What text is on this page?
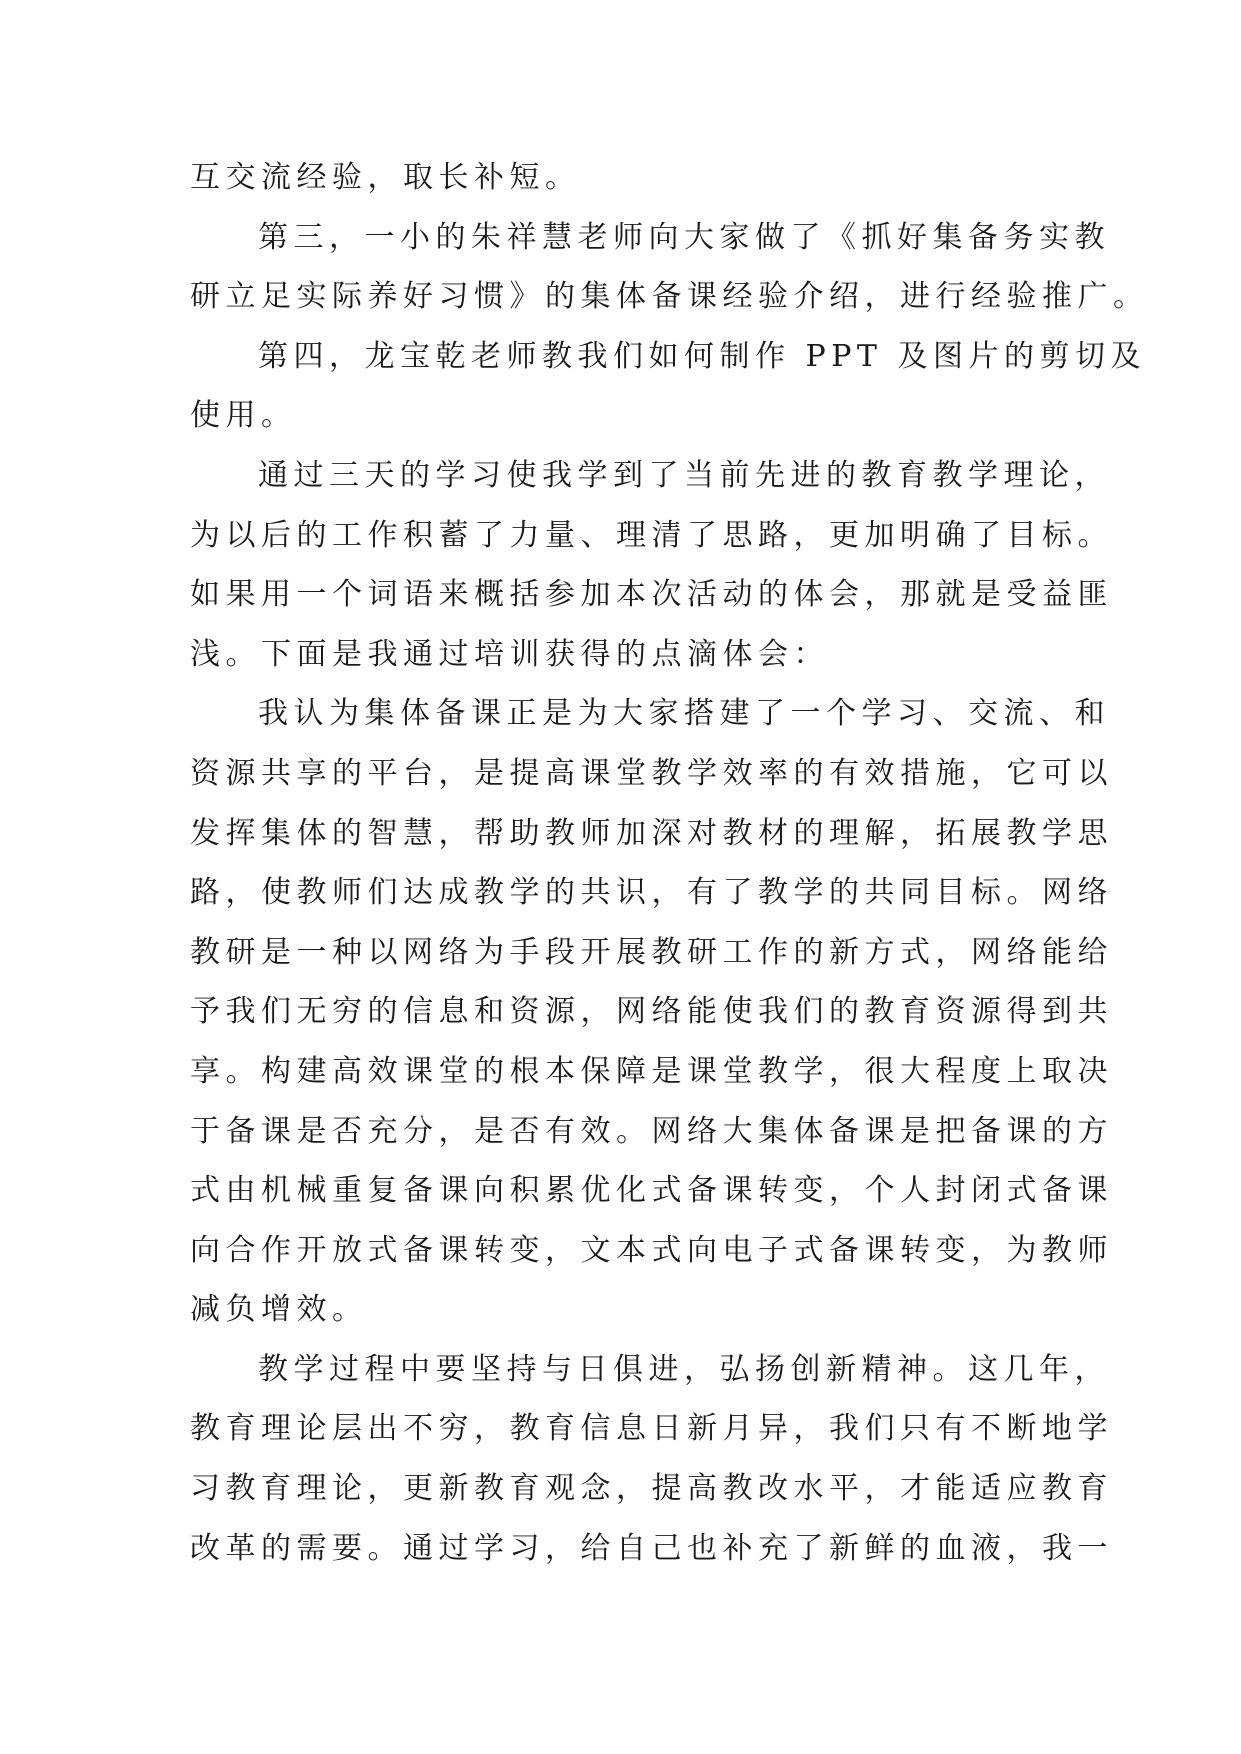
互交流经验，取长补短。
第三，一小的朱祥慧老师向大家做了《抓好集备务实教
研立足实际养好习惯》的集体备课经验介绍，进行经验推广。
第四，龙宝乾老师教我们如何制作 PPT 及图片的剪切及
使用。
通过三天的学习使我学到了当前先进的教育教学理论，
为以后的工作积蓄了力量、理清了思路，更加明确了目标。
如果用一个词语来概括参加本次活动的体会，那就是受益匪
浅。下面是我通过培训获得的点滴体会：
我认为集体备课正是为大家搭建了一个学习、交流、和
资源共享的平台，是提高课堂教学效率的有效措施，它可以
发挥集体的智慧，帮助教师加深对教材的理解，拓展教学思
路，使教师们达成教学的共识，有了教学的共同目标。网络
教研是一种以网络为手段开展教研工作的新方式，网络能给
予我们无穷的信息和资源，网络能使我们的教育资源得到共
享。构建高效课堂的根本保障是课堂教学，很大程度上取决
于备课是否充分，是否有效。网络大集体备课是把备课的方
式由机械重复备课向积累优化式备课转变，个人封闭式备课
向合作开放式备课转变，文本式向电子式备课转变，为教师
减负增效。
教学过程中要坚持与日俱进，弘扬创新精神。这几年，
教育理论层出不穷，教育信息日新月异，我们只有不断地学
习教育理论，更新教育观念，提高教改水平，才能适应教育
改革的需要。通过学习，给自己也补充了新鲜的血液，我一
